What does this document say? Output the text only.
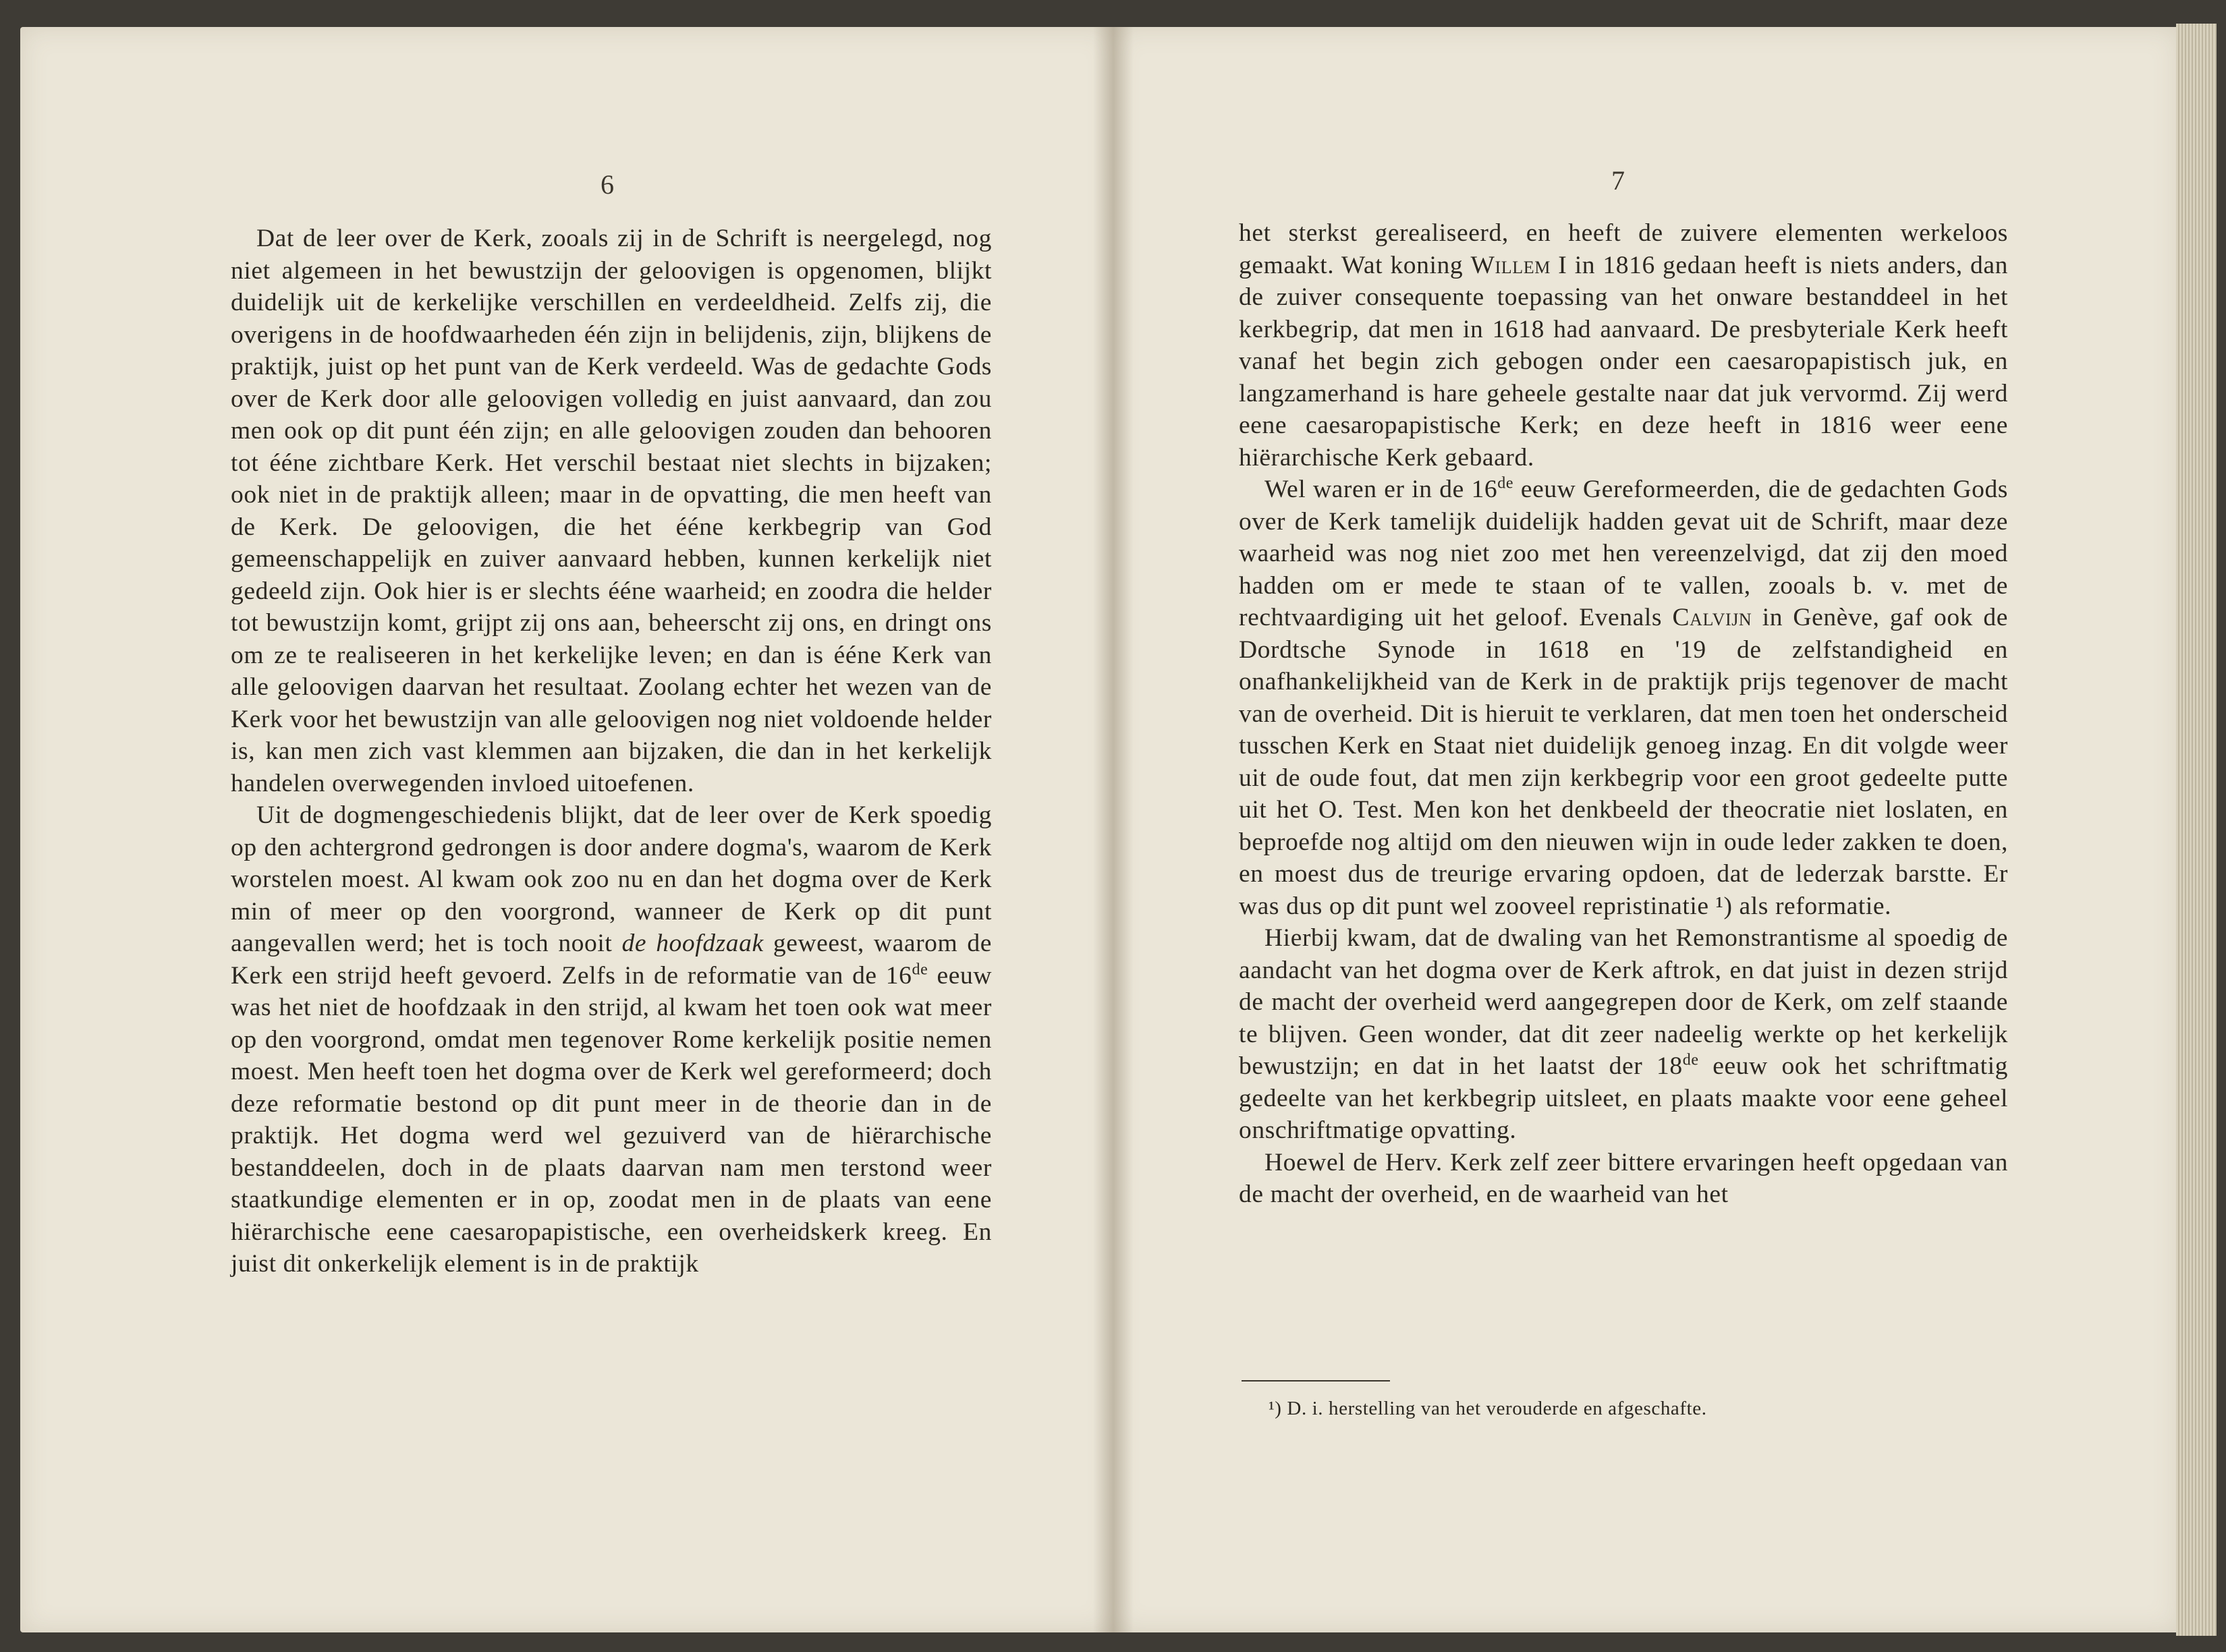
6

Dat de leer over de Kerk, zooals zij in de Schrift is neergelegd, nog niet algemeen in het bewustzijn der geloovigen is opgenomen, blijkt duidelijk uit de kerkelijke verschillen en verdeeldheid. Zelfs zij, die overigens in de hoofdwaarheden één zijn in belijdenis, zijn, blijkens de praktijk, juist op het punt van de Kerk verdeeld. Was de gedachte Gods over de Kerk door alle geloovigen volledig en juist aanvaard, dan zou men ook op dit punt één zijn; en alle geloovigen zouden dan behooren tot ééne zichtbare Kerk. Het verschil bestaat niet slechts in bijzaken; ook niet in de praktijk alleen; maar in de opvatting, die men heeft van de Kerk. De geloovigen, die het ééne kerkbegrip van God gemeenschappelijk en zuiver aanvaard hebben, kunnen kerkelijk niet gedeeld zijn. Ook hier is er slechts ééne waarheid; en zoodra die helder tot bewustzijn komt, grijpt zij ons aan, beheerscht zij ons, en dringt ons om ze te realiseeren in het kerkelijke leven; en dan is ééne Kerk van alle geloovigen daarvan het resultaat. Zoolang echter het wezen van de Kerk voor het bewustzijn van alle geloovigen nog niet voldoende helder is, kan men zich vast klemmen aan bijzaken, die dan in het kerkelijk handelen overwegenden invloed uitoefenen.

Uit de dogmengeschiedenis blijkt, dat de leer over de Kerk spoedig op den achtergrond gedrongen is door andere dogma's, waarom de Kerk worstelen moest. Al kwam ook zoo nu en dan het dogma over de Kerk min of meer op den voorgrond, wanneer de Kerk op dit punt aangevallen werd; het is toch nooit de hoofdzaak geweest, waarom de Kerk een strijd heeft gevoerd. Zelfs in de reformatie van de 16de eeuw was het niet de hoofdzaak in den strijd, al kwam het toen ook wat meer op den voorgrond, omdat men tegenover Rome kerkelijk positie nemen moest. Men heeft toen het dogma over de Kerk wel gereformeerd; doch deze reformatie bestond op dit punt meer in de theorie dan in de praktijk. Het dogma werd wel gezuiverd van de hiërarchische bestanddeelen, doch in de plaats daarvan nam men terstond weer staatkundige elementen er in op, zoodat men in de plaats van eene hiërarchische eene caesaropapistische, een overheidskerk kreeg. En juist dit onkerkelijk element is in de praktijk

7

het sterkst gerealiseerd, en heeft de zuivere elementen werkeloos gemaakt. Wat koning Willem I in 1816 gedaan heeft is niets anders, dan de zuiver consequente toepassing van het onware bestanddeel in het kerkbegrip, dat men in 1618 had aanvaard. De presbyteriale Kerk heeft vanaf het begin zich gebogen onder een caesaropapistisch juk, en langzamerhand is hare geheele gestalte naar dat juk vervormd. Zij werd eene caesaropapistische Kerk; en deze heeft in 1816 weer eene hiërarchische Kerk gebaard.

Wel waren er in de 16de eeuw Gereformeerden, die de gedachten Gods over de Kerk tamelijk duidelijk hadden gevat uit de Schrift, maar deze waarheid was nog niet zoo met hen vereenzelvigd, dat zij den moed hadden om er mede te staan of te vallen, zooals b. v. met de rechtvaardiging uit het geloof. Evenals Calvijn in Genève, gaf ook de Dordtsche Synode in 1618 en '19 de zelfstandigheid en onafhankelijkheid van de Kerk in de praktijk prijs tegenover de macht van de overheid. Dit is hieruit te verklaren, dat men toen het onderscheid tusschen Kerk en Staat niet duidelijk genoeg inzag. En dit volgde weer uit de oude fout, dat men zijn kerkbegrip voor een groot gedeelte putte uit het O. Test. Men kon het denkbeeld der theocratie niet loslaten, en beproefde nog altijd om den nieuwen wijn in oude leder zakken te doen, en moest dus de treurige ervaring opdoen, dat de lederzak barstte. Er was dus op dit punt wel zooveel repristinatie ¹) als reformatie.

Hierbij kwam, dat de dwaling van het Remonstrantisme al spoedig de aandacht van het dogma over de Kerk aftrok, en dat juist in dezen strijd de macht der overheid werd aangegrepen door de Kerk, om zelf staande te blijven. Geen wonder, dat dit zeer nadeelig werkte op het kerkelijk bewustzijn; en dat in het laatst der 18de eeuw ook het schriftmatig gedeelte van het kerkbegrip uitsleet, en plaats maakte voor eene geheel onschriftmatige opvatting.

Hoewel de Herv. Kerk zelf zeer bittere ervaringen heeft opgedaan van de macht der overheid, en de waarheid van het

¹) D. i. herstelling van het verouderde en afgeschafte.
